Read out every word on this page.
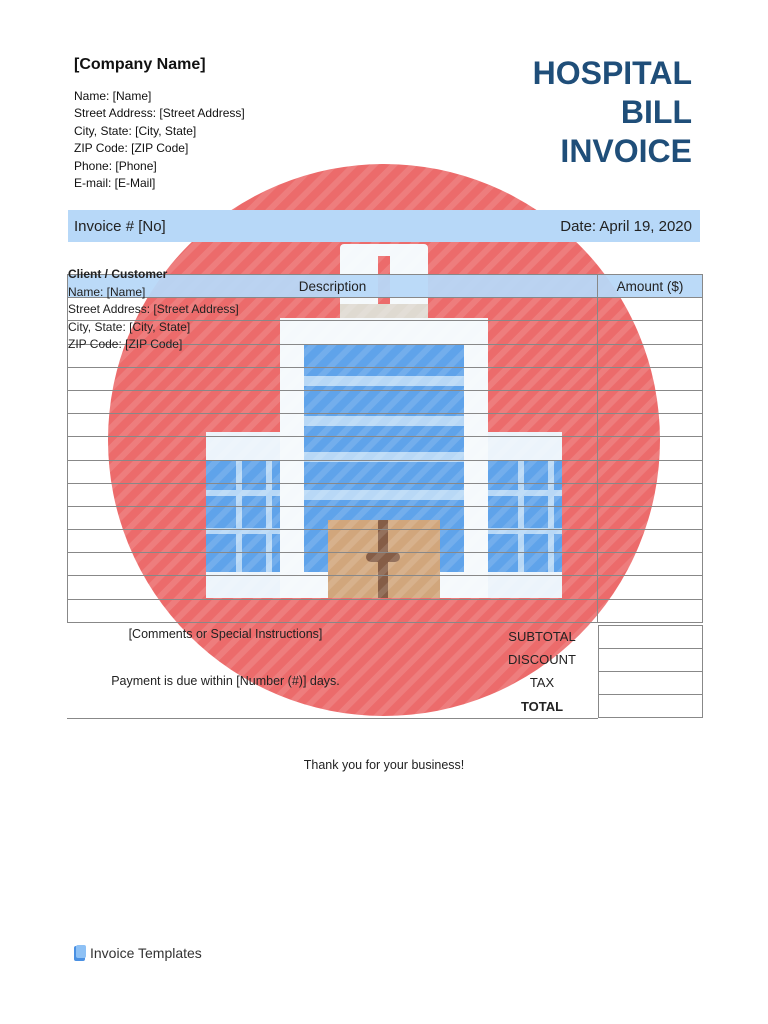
[Company Name]
Name: [Name]
Street Address: [Street Address]
City, State: [City, State]
ZIP Code: [ZIP Code]
Phone: [Phone]
E-mail: [E-Mail]
HOSPITAL
BILL
INVOICE
Invoice # [No]	Date: April 19, 2020
Description	Amount ($)

Client / Customer
Name: [Name]
Street Address: [Street Address]
City, State: [City, State]
ZIP Code: [ZIP Code]
[Comments or Special Instructions]
Payment is due within [Number (#)] days.
SUBTOTAL
DISCOUNT
TAX
TOTAL

Thank you for your business!
Invoice Templates
